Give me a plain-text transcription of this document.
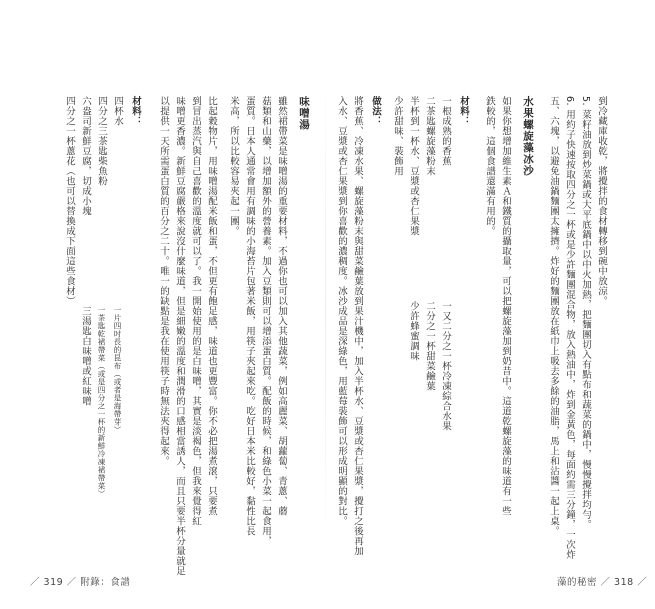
到冷藏庫收乾，將攪拌的食材轉移到碗中放涼。
5. 菜籽油放到炒菜鍋或大平底鍋中以中火加熱，把麵團切入有點布和蔬菜的鍋中，慢慢攪拌均勻。
6. 用約子快速按取四分之一杯或是少許麵團混合物，放入熱油中，炸到金黃色，每面約需三分鐘，一次炸
五、六塊，以避免油鍋麵團太擁擠。炸好的麵團放在紙巾上吸去多餘的油脂，馬上和沾醬一起上桌。
水果螺旋藻冰沙
如果你想增加維生素Ａ和鐵質的攝取量，可以把螺旋藻加到奶昔中。這道乾螺旋藻的味道有一些
鉄較的，這個食譜還滿有用的。
材料：
一根成熟的香蕉
二茶匙螺旋藻粉末
半杯到一杯水、豆漿或杏仁果漿
少許甜味、裝飾用
一又二分之一杯冷凍綜合水果
二分之一杯甜菜鹼葉
少許蜂蜜調味
做法：
將香蕉、冷凍水果、螺旋藻粉末與甜菜鹼葉放到果汁機中，加入半杯水、豆漿或杏仁果漿，攪打之後再加
入水、豆漿或杏仁果漿到你喜歡的濃稠度。冰沙成品是深綠色，用藍莓裝飾可以形成明顯的對比。
味噌湯
雖然裙帶菜是味噌湯的重要材料，不過你也可以加入其他蔬菜，例如高麗菜、胡蘿蔔、青蔥、蘑
菇類和山藥，以增加額外的營養素。加入豆類則可以增添蛋白質。配飯的時候，和綠色小菜一起食用，
蛋質。日本人通常會用有調味的小海苔片包著米飯，用筷子夾起來吃。吃好日本米比較好，黏性比長
米高，所以比較容易夾起一團。
比起穀物片，用味噌湯配米飯和蛋，不但更有飽足感，味道也更豐富。你不必把湯煮滾，只要煮
到冒出蒸汽與自己喜歡的溫度就可以了。我一開始使用的是白味噌，其實是淡褐色，但我來覺得紅
味噌更香濃。新鮮豆腐嚴格來說沒什麼味道，但是細嫩的溫度和潤滑的口感相當誘人，而且只要半杯分量就足
以提供一天所需蛋白質的百分之二十。唯一的缺點是我在使用筷子時無法夾得起來。
材料：
四杯水
四分之三茶匙柴魚粉
六盎司新鮮豆腐，切成小塊
四分之一杯蔥花（也可以替換成下面這些食材）
一片四吋長的昆布（或者是海帶芽）
一茶匙乾裙帶菜（或是四分之一杯的新鮮冷凍裙帶菜）
三湯匙白味噌或紅味噌
／ 319 ／ 附錄：食譜	藻的秘密 ／ 318 ／
